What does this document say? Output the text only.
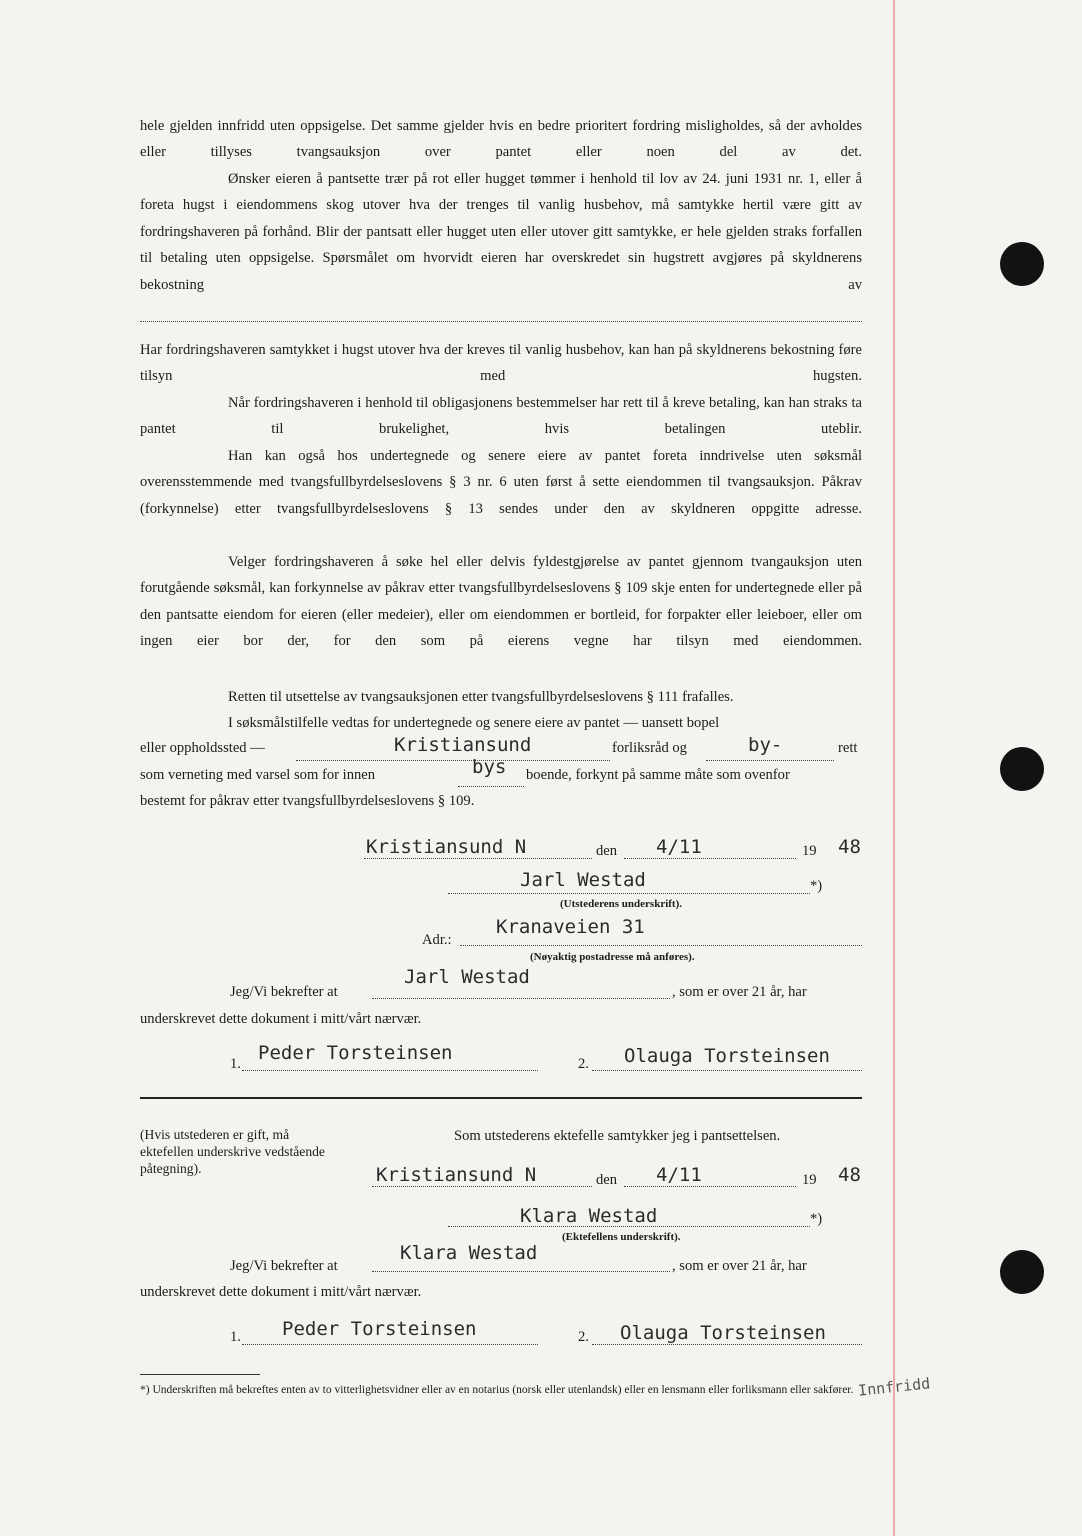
hele gjelden innfridd uten oppsigelse. Det samme gjelder hvis en bedre prioritert fordring misligholdes, så der avholdes eller tillyses tvangsauksjon over pantet eller noen del av det.
Ønsker eieren å pantsette trær på rot eller hugget tømmer i henhold til lov av 24. juni 1931 nr. 1, eller å foreta hugst i eiendommens skog utover hva der trenges til vanlig husbehov, må samtykke hertil være gitt av fordringshaveren på forhånd. Blir der pantsatt eller hugget uten eller utover gitt samtykke, er hele gjelden straks forfallen til betaling uten oppsigelse. Spørsmålet om hvorvidt eieren har overskredet sin hugstrett avgjøres på skyldnerens bekostning av
Har fordringshaveren samtykket i hugst utover hva der kreves til vanlig husbehov, kan han på skyldnerens bekostning føre tilsyn med hugsten.
Når fordringshaveren i henhold til obligasjonens bestemmelser har rett til å kreve betaling, kan han straks ta pantet til brukelighet, hvis betalingen uteblir.
Han kan også hos undertegnede og senere eiere av pantet foreta inndrivelse uten søksmål overensstemmende med tvangsfullbyrdelseslovens § 3 nr. 6 uten først å sette eiendommen til tvangsauksjon. Påkrav (forkynnelse) etter tvangsfullbyrdelseslovens § 13 sendes under den av skyldneren oppgitte adresse.
Velger fordringshaveren å søke hel eller delvis fyldestgjørelse av pantet gjennom tvangauksjon uten forutgående søksmål, kan forkynnelse av påkrav etter tvangsfullbyrdelseslovens § 109 skje enten for undertegnede eller på den pantsatte eiendom for eieren (eller medeier), eller om eiendommen er bortleid, for forpakter eller leieboer, eller om ingen eier bor der, for den som på eierens vegne har tilsyn med eiendommen.
Retten til utsettelse av tvangsauksjonen etter tvangsfullbyrdelseslovens § 111 frafalles.
I søksmålstilfelle vedtas for undertegnede og senere eiere av pantet — uansett bopel
eller oppholdssted —	Kristiansund	forliksråd og	by-	rett
som verneting med varsel som for innen	bys boende, forkynt på samme måte som ovenfor
bestemt for påkrav etter tvangsfullbyrdelseslovens § 109.
Kristiansund N	den 4/11	19 48
Jarl Westad	*)
(Utstederens underskrift).
Adr.:
Kranaveien 31
(Nøyaktig postadresse må anføres).
Jeg/Vi bekrefter at
Jarl Westad
, som er over 21 år, har
underskrevet dette dokument i mitt/vårt nærvær.
1. Peder Torsteinsen	2. Olauga Torsteinsen
(Hvis utstederen er gift, må ektefellen underskrive vedstående påtegning).
Som utstederens ektefelle samtykker jeg i pantsettelsen.
Kristiansund N	den 4/11	19 48
Klara Westad	*)
(Ektefellens underskrift).
Jeg/Vi bekrefter at
Klara Westad
, som er over 21 år, har
underskrevet dette dokument i mitt/vårt nærvær.
1. Peder Torsteinsen	2. Olauga Torsteinsen
*) Underskriften må bekreftes enten av to vitterlighetsvidner eller av en notarius (norsk eller utenlandsk) eller en lensmann eller forliksmann eller sakfører. Innfridd
